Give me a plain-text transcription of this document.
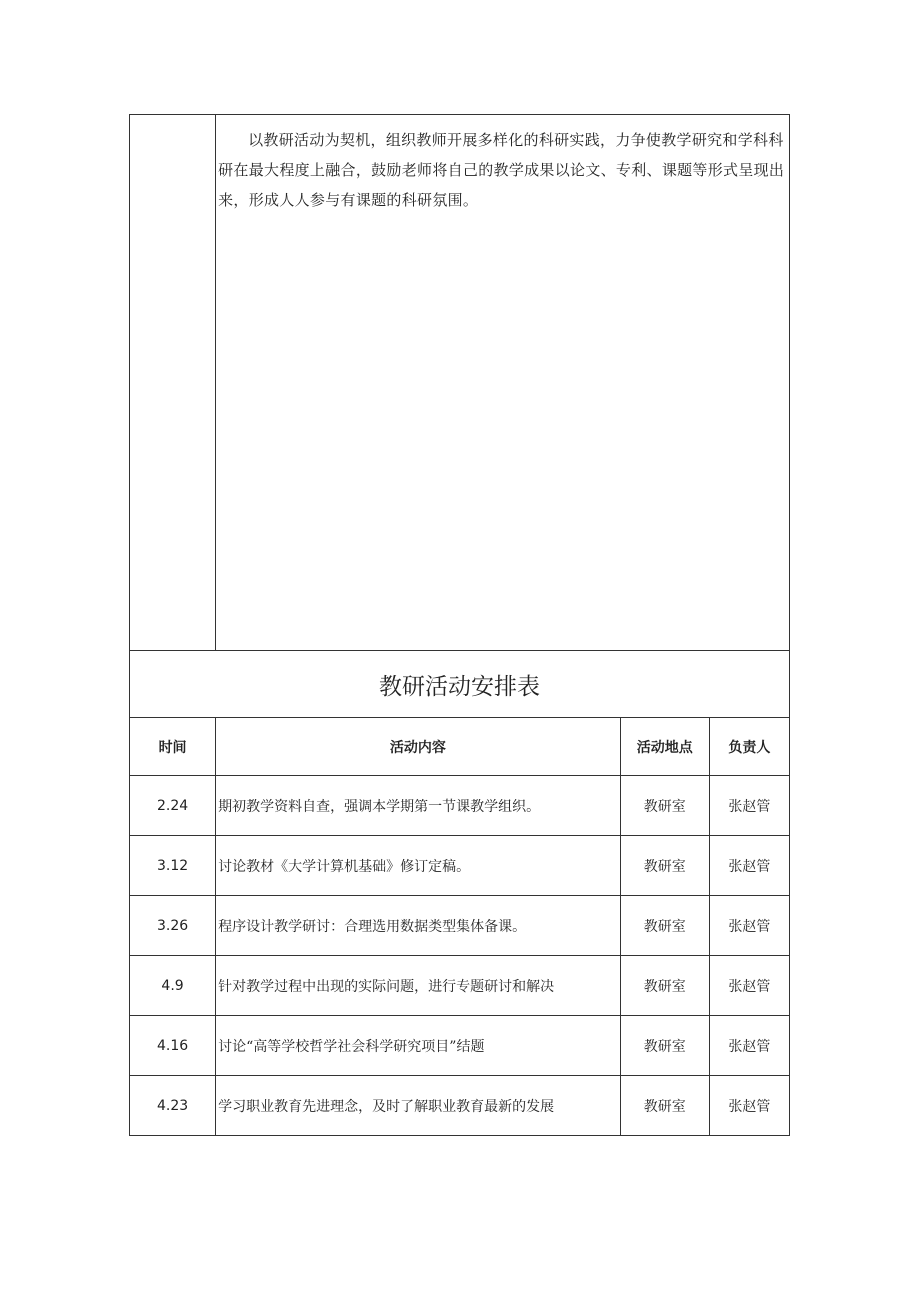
	以教研活动为契机，组织教师开展多样化的科研实践，力争使教学研究和学科科研在最大程度上融合，鼓励老师将自己的教学成果以论文、专利、课题等形式呈现出来，形成人人参与有课题的科研氛围。		

教研活动安排表			
时间	活动内容	活动地点	负责人
2.24	期初教学资料自查，强调本学期第一节课教学组织。	教研室	张赵管
3.12	讨论教材《大学计算机基础》修订定稿。	教研室	张赵管
3.26	程序设计教学研讨：合理选用数据类型集体备课。	教研室	张赵管
4.9	针对教学过程中出现的实际问题，进行专题研讨和解决	教研室	张赵管
4.16	讨论“高等学校哲学社会科学研究项目”结题	教研室	张赵管
4.23	学习职业教育先进理念，及时了解职业教育最新的发展	教研室	张赵管
